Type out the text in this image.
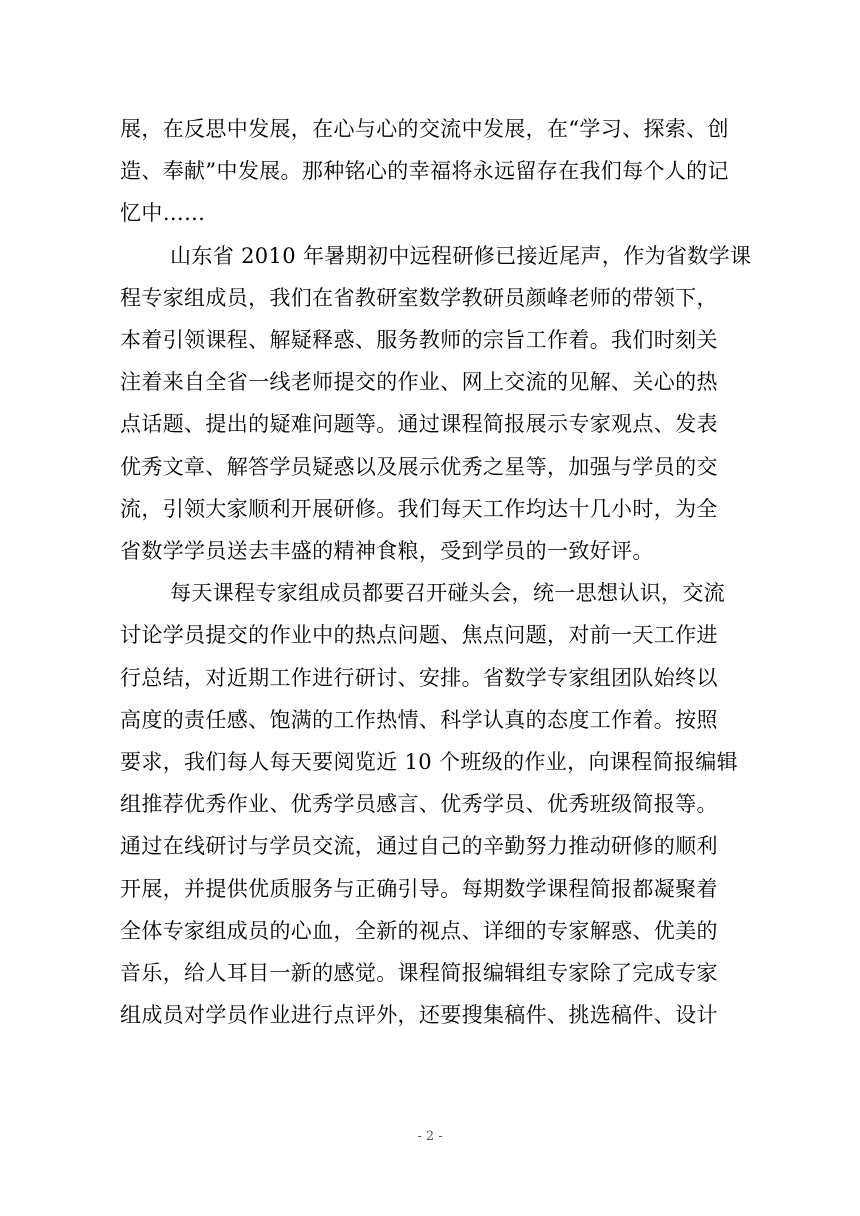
展，在反思中发展，在心与心的交流中发展，在“学习、探索、创
造、奉献”中发展。那种铭心的幸福将永远留存在我们每个人的记
忆中……
山东省 2010 年暑期初中远程研修已接近尾声，作为省数学课
程专家组成员，我们在省教研室数学教研员颜峰老师的带领下，
本着引领课程、解疑释惑、服务教师的宗旨工作着。我们时刻关
注着来自全省一线老师提交的作业、网上交流的见解、关心的热
点话题、提出的疑难问题等。通过课程简报展示专家观点、发表
优秀文章、解答学员疑惑以及展示优秀之星等，加强与学员的交
流，引领大家顺利开展研修。我们每天工作均达十几小时，为全
省数学学员送去丰盛的精神食粮，受到学员的一致好评。
每天课程专家组成员都要召开碰头会，统一思想认识，交流
讨论学员提交的作业中的热点问题、焦点问题，对前一天工作进
行总结，对近期工作进行研讨、安排。省数学专家组团队始终以
高度的责任感、饱满的工作热情、科学认真的态度工作着。按照
要求，我们每人每天要阅览近 10 个班级的作业，向课程简报编辑
组推荐优秀作业、优秀学员感言、优秀学员、优秀班级简报等。
通过在线研讨与学员交流，通过自己的辛勤努力推动研修的顺利
开展，并提供优质服务与正确引导。每期数学课程简报都凝聚着
全体专家组成员的心血，全新的视点、详细的专家解惑、优美的
音乐，给人耳目一新的感觉。课程简报编辑组专家除了完成专家
组成员对学员作业进行点评外，还要搜集稿件、挑选稿件、设计
- 2 -
